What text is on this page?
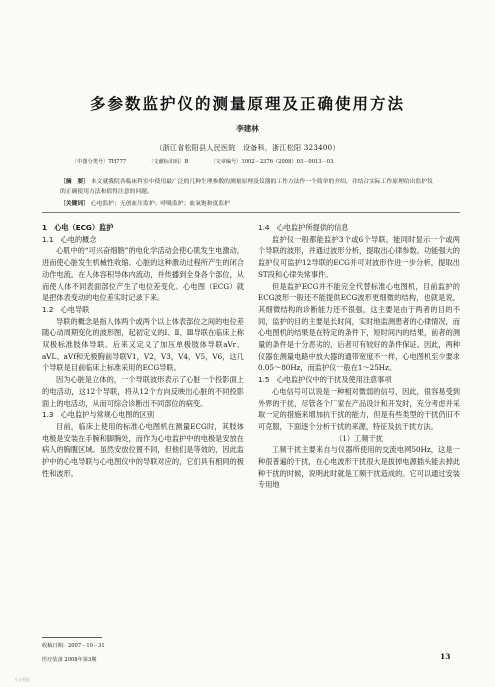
多参数监护仪的测量原理及正确使用方法
李建林
（浙江省松阳县人民医院　设备科，浙江松阳 323400）
〔中图分类号〕TH777	〔文献标识码〕B	〔文章编号〕1002－2376（2008）03－0013－03
〔摘　要〕 本文就我院各临床科室中使用最广泛的几种生理参数的测量原理及仪器的工作方法作一个简单的介绍，并结合实际工作原理给出监护仪的正确使用方法和值得注意的问题。
〔关键词〕 心电监护；无创血压监护；呼吸监护；血氧饱和度监护
1　心电（ECG）监护
1.1　心电的概念
心肌中的“可兴奋细胞”的电化学活动会使心肌发生电激动，进而使心脏发生机械性收缩。心脏的这种激动过程所产生的闭合动作电流，在人体容积导体内流动，并传播到全身各个部位，从而使人体不同表面部位产生了电位差变化。心电图（ECG）就是把体表变动的电位差实时记录下来。
1.2　心电导联
导联的概念是指人体两个或两个以上体表部位之间的电位差随心动周期变化的波形图，起初定义的Ⅰ、Ⅱ、Ⅲ导联在临床上称双极标准肢体导联。后来又定义了加压单极肢体导联aVr、aVL、aVf和无极胸前导联V1，V2，V3，V4，V5，V6，这几个导联是目前临床上标准采用的ECG导联。
因为心脏是立体的，一个导联波形表示了心脏一个投影面上的电活动，这12个导联，将从12个方向反映出心脏的不同投影面上的电活动，从而可综合诊断出不同部位的病变。
1.3　心电监护与常规心电图的区别
目前，临床上使用的标准心电图机在测量ECG时，其肢体电极是安装在手腕和脚腕处，而作为心电监护中的电极是安放在病人的胸腹区域。虽然安放位置不同，但他们是等效的，因此监护中的心电导联与心电图仪中的导联对应的，它们具有相同的极性和波形。
1.4　心电监护所提供的信息
监护仪一般都能监护3个或6个导联，能同时显示一个或两个导联的波形，并通过波形分析，提取出心律参数。功能强大的监护仪可监护12导联的ECG并可对波形作进一步分析，提取出ST段和心律失常事件。
但是监护ECG并不能完全代替标准心电图机，目前监护的ECG波形一般还不能提供ECG波形更细微的结构，也就是说，其细微结构的诊断能力还不很强，这主要是由于两者的目的不同，监护的目的主要是长时间，实时地监测患者的心律情况，而心电图机的结果是在特定的条件下，短时间内的结果，前者的测量的条件是十分恶劣的，后者可有较好的条件保证。因此，两种仪器在测量电路中放大器的通带宽度不一样，心电图机至少要求0.05～80Hz，而监护仪一般在1～25Hz。
1.5　心电监护仪中的干扰及使用注意事项
心电信号可以说是一种相对微弱的信号，因此，很容易受到外界的干扰，尽管各个厂家在产品设计和开发时，充分考虑并采取一定的措施来增加抗干扰的能力，但是有些类型的干扰仍旧不可克服，下面逐个分析干扰的来源，特征及抗干扰方法。
（1）工频干扰
工频干扰主要来自与仪器所使用的交流电网50Hz，这是一种很普遍的干扰，在心电波形干扰很大是拔掉电源插头能去掉此种干扰的时候，说明此时就是工频干扰造成的。它可以通过安装专用地
收稿日期：2007－10－31
医疗装备 2008年第3期	13
万方数据
